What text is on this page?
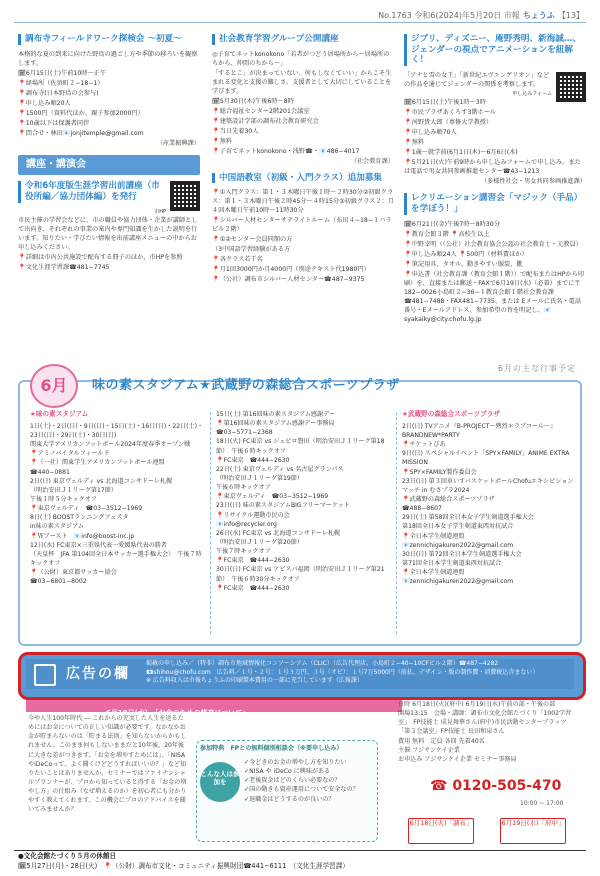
No.1763 令和6(2024)年5月20日 市報 ちょうふ 【13】
調布寺フィールドワーク探検会 〜初夏〜

本格的な夏の到来に向けた野鳥の過ごし方や季節の移ろいを観察します。

🗓6月15日(土)午前10時〜正午

📍経場所（佐須町２−18−1）

📍調布寺(日本野鳥の会参与)

📍申し込み順20人

📍1500円（資料代ほか、親子参加2000円）

📍10歳以下は保護者同伴

📍問合せ・林田📧jonjitemple@gmail.com

（産業振興課）

講座・講演会
令和6年度版生涯学習出前講座（市役所編／協力団体編）を発行

市HP

市民主催の学習会などに、市の職員や協力団体・企業が講師として出向き、それぞれの事業の案内や専門知識を生かした説明を行います。知りたい・学びたい情報を出前講座メニューの中からお申し込みください。

📍詳細は市内公共施設で配布する冊子のほか、市HPを参照

📍文化生涯学習課☎481−7745

社会教育学習グループ公開講座

◎子育てネットkonokono「若者がつどう居場所から〜居場所のちから、仲間のちから〜」

「するとこ」が決まっていない、何もしなくていい」からこそ生まれる変化と支援の難しさ。支援者として大切にしていることを学びます。

🗓5月30日(木)午後6時〜8時

📍総合福祉センター2階201会議室

📍建築設計学部の調布社会教育研究会

📍当日先着30人

📍無料

📍子育てネットkonokono・浅野☎・📧486−4017

（社会教育課）

中国語教室（初級・入門クラス）追加募集

📍①入門クラス：第１・３木曜日午後１時〜２時30分②初級クラス：第１・３木曜日午後２時45分〜４時15分③初級クラス２：月４回木曜日午前10時〜11時30分

📍シルバー人材センターサテライトルーム（布田４−18−１ハラビル２階）

📍①②センター会員同額の方

（3中国語学習経験がある方

📍各クラス若干名

📍月1回3000円か月4000円（別途テキスト代1980円）

📍（公社）調布市シルバー人材センター☎487−9375

ジブリ、ディズニー、庵野秀明、新海誠…、ジェンダーの視点でアニメーションを紐解く！

「アナと雪の女王」「新世紀エヴァンゲリオン」などの作品を通じてジェンダーの関係を考察します。

申し込みフォーム

🗓6月15日(土)午後1時〜3時

📍市民プラザあくろす3階ホール

📍河野貴大郎（専修大学教授）

📍申し込み順70人

📍無料

📍1歳〜就学前(6月1日(木)〜6月6日(木)

📍5月21日(火)午前9時から申し込みフォームで申し込み。または電話で男女共同参画推進センター☎43−1213

（多様性社会・男女共同参画推進課）

レクリエーション講習会「マジック（手品）を学ぼう！」

🗓6月21日(金)午後7時〜8時30分

📍教育会館３階 📍高校生以上

📍中野幸明（（公社）社会教育協会公認の社会教育士・元教員）

📍申し込み順24人 📍500円（材料費ほか）

📍筆記用具、タオル、動きやすい服装、靴

📍申込書（社会教育課（教育会館１階））で配布またはHPから印刷）を、直接または郵送・FAXで6月19日(水)（必着）までに〒182−0026小島町２−36−１教育会館１階社会教育課☎481−7488・FAX481−7735、または Eメールに氏名・電話番号・Eメールアドレス、参加希望の旨を明記し、📧syakaiky@city.chofu.lg.jp

6月	味の素スタジアム★武蔵野の森総合スポーツプラザ
6月の主な行事予定
★味の素スタジアム

1日(土)・2日(日)・9日(日)・15日(土)・16日(日)・22日(土)・23日(日)・29日(土)・30日(日)

関東大学アメリカンフットボール2024年度春季オープン戦

📍アミノバイタルフィールド

📍（一社）関東学生アメリカンフットボール連盟　☎440−0881

2日(日) 東京ヴェルディ vs 北海道コンサドーレ札幌

（明治安田Ｊ１リーグ第17節）

午後１時５分キックオフ

📍東京ヴェルディ　☎03−3512−1969

8日(土) BOOSTランニングフェスタ

in味の素スタジアム

📍Ｗブースト　📧info@boost-inc.jp

12日(水) FC東京×三重県代表一愛媛県代表の勝者

（天皇杯　JFA 第104回全日本サッカー選手権大会）　午後７時キックオフ

📍（公財）東京都サッカー協会

☎03−6801−8002

15日(土) 第16回味の素スタジアム感謝デー

📍第16回味の素スタジアム感謝デー事務局

☎03−5771−2368

18日(火) FC東京 vs ジュビロ磐田（明治安田Ｊ１リーグ第18節）　午後６時キックオフ

📍FC東京　☎444−2630

22日(土) 東京ヴェルディ vs 名古屋グランパス

（明治安田Ｊ１リーグ第19節）

午後６時キックオフ

📍東京ヴェルディ　☎03−3512−1969

23日(日) 味の素スタジアムBIGフリーマーケット

📍リサイクル運動市民の会

📧info@recycler.org

26日(水) FC東京 vs 北海道コンサドーレ札幌

（明治安田Ｊ１リーグ第20節）

午後７時キックオフ

📍FC東京　☎444−2630

30日(日) FC東京 vs アビスパ福岡（明治安田Ｊ１リーグ第21節）　午後６時30分キックオフ

📍FC東京　☎444−2630

★武蔵野の森総合スポーツプラザ

2日(日) TVアニメ『B-PROJECT〜熱烈＊ラブコール〜』BRANDNEW*PARTY

📍チケットぴあ

9日(日) スペシャルイベント「SPY×FAMILY」ANIME EXTRA MISSION

📍SPY×FAMILY製作委員会

23日(日) 第３回車いすバスケットボールChofuエキシビションマッチ in むさプラ2024

📍武蔵野の森総合スポーツプラザ

☎488−8607

29日(土) 第58回全日本女子学生剣道選手権大会

第18回全日本女子学生剣道東西対抗試合

📍全日本学生剣道連盟

📧zennichigakuren2022@gmail.com

30日(日) 第72回全日本学生剣道選手権大会

第71回全日本学生剣道東西対抗試合

📍全日本学生剣道連盟

📧zennichigakuren2022@gmail.com

広告の欄
掲載の申し込み／（特非）調布市地域情報化コンソーシアム（CLIC）（広告代理店。小島町２−40−10CFビル２階）☎487−4282
📧shihou@chofu.com　広告料／１号・２号：１号３万円、３号（オビ）：１号7万5000円（前払、デザイン・版の制作費・消費税込含まない）
※ 広告料収入は市報ちょうふの印刷製本費用の一部に充当しています（広報課）
6月19日(水)　「お金のための将来について」

今や人生100年時代 ― これからの充実した人生を送るためにはお金についての正しい知識が必要です。なかなかお金が貯まらないのは「貯まる法則」を知らないからかもしれません。このまま何もしないままだと10年後、20年後に大きな差がつきます。「お金を増やすためには」、「NISAやiDeCoって、よく聞くけどどうすればいいの？」など知りたいことはありませんか。セミナーではファイナンシャルプランナーが、プロから知っていると得する「お金の増やし方」の仕組み（なぜ増えるのか）を初心者にも分かりやすく教えてくれます。この機会にプロのアドバイスを聞いてみませんか？

参加特典　FPとの無料個別相談会（※要申し込み）
こんな人は参加を

✓今どきのお金の増やし方を知りたい

✓NISA や iDeCo に興味がある

✓老後資金はどのくらい必要なの？

✓国の動きも資産運用について安全なの？

✓退職金はどうするのが良いの？

日時 6月18日(火)(府中) 6月19日(水)午前の部・午後の部

開場13:15　会場・講師：調布市文化会館たづくり「1002学習室」　FP技能士 成見舞華さん(府中)市民活動センタープラッツ「第３会議室」FP技能士 長田和泉さん

費用 無料　定員 各回 先着40名

主催 フジサンケイ企業

お申込み フジサンケイ企業 セミナー事務局

☎ 0120-505-470
10:00 ~ 17:00
6月18日(火)「調布」	6月19日(水)「府中」
●文化会館たづくり５月の休館日
🗓5月27日(月)・28日(火)　📍（公財）調布市文化・コミュニティ振興財団☎441−6111　（文化生涯学習課）
